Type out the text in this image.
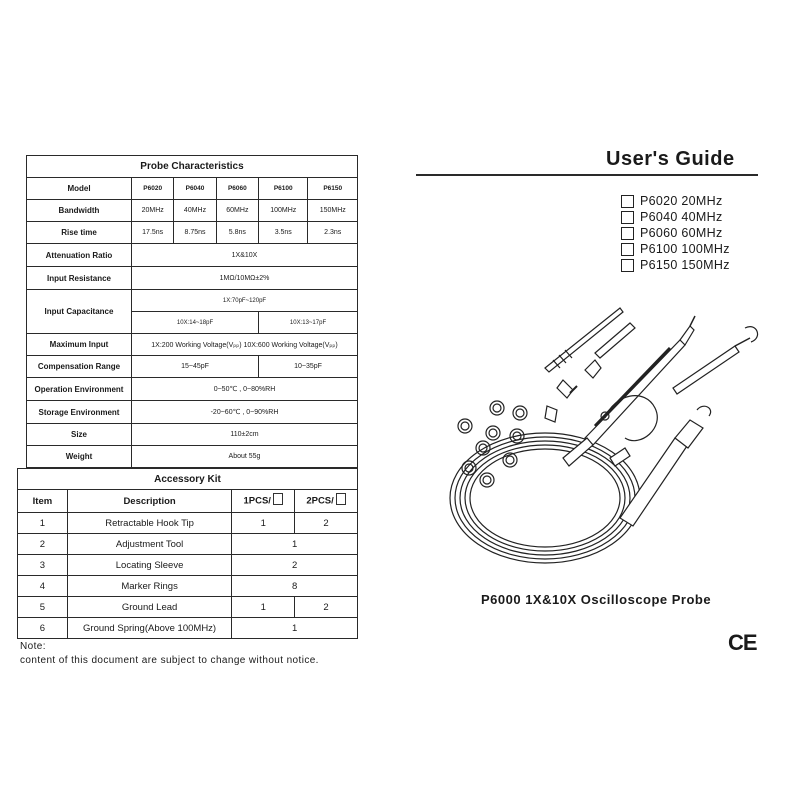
Probe Characteristics					
Model	P6020	P6040	P6060	P6100	P6150
Bandwidth	20MHz	40MHz	60MHz	100MHz	150MHz
Rise time	17.5ns	8.75ns	5.8ns	3.5ns	2.3ns
Attenuation Ratio	1X&10X				
Input Resistance	1MΩ/10MΩ±2%				
Input Capacitance	1X:70pF~120pF				
	10X:14~18pF			10X:13~17pF	
Maximum Input	1X:200 Working Voltage(Vₚₚ) 10X:600 Working Voltage(Vₚₚ)				
Compensation Range	15~45pF			10~35pF	
Operation Environment	0~50℃ , 0~80%RH				
Storage Environment	-20~60℃ , 0~90%RH				
Size	110±2cm				
Weight	About 55g				
Accessory Kit			
Item	Description	1PCS/	2PCS/
1	Retractable Hook Tip	1	2
2	Adjustment Tool	1	
3	Locating Sleeve	2	
4	Marker Rings	8	
5	Ground Lead	1	2
6	Ground Spring(Above 100MHz)	1	
Note:
content of this document are subject to change without notice.
User's Guide
P6020 20MHz
P6040 40MHz
P6060 60MHz
P6100 100MHz
P6150 150MHz
P6000 1X&10X Oscilloscope Probe
CE
